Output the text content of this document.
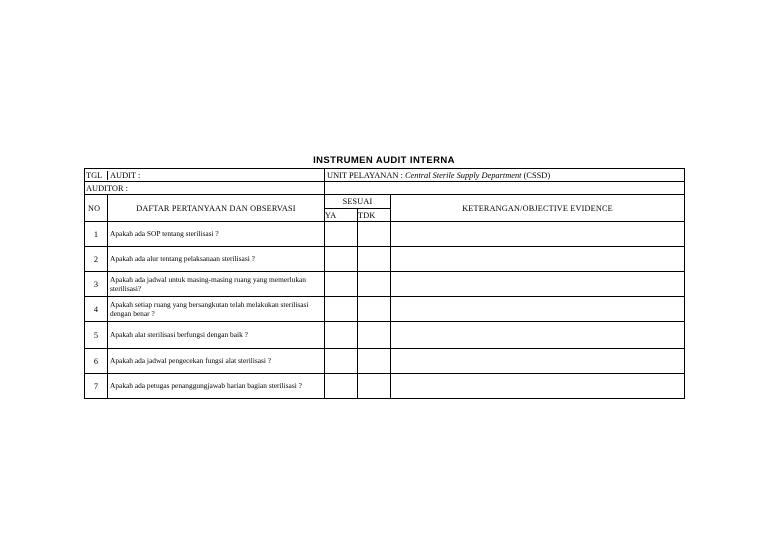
INSTRUMEN AUDIT INTERNA
TGL AUDIT :		UNIT PELAYANAN : Central Sterile Supply Department (CSSD)		
AUDITOR :				
NO	DAFTAR PERTANYAAN DAN OBSERVASI	SESUAI		KETERANGAN/OBJECTIVE EVIDENCE
		YA	TDK	
1	Apakah ada SOP tentang sterilisasi ?			
2	Apakah ada alur tentang pelaksanaan sterilisasi ?			
3	Apakah ada jadwal untuk masing-masing ruang yang memerlukan sterilisasi?			
4	Apakah setiap ruang yang bersangkutan telah melakukan sterilisasi dengan benar ?			
5	Apakah alat sterilisasi berfungsi dengan baik ?			
6	Apakah ada jadwal pengecekan fungsi alat sterilisasi ?			
7	Apakah ada petugas penanggungjawab harian bagian sterilisasi ?			
